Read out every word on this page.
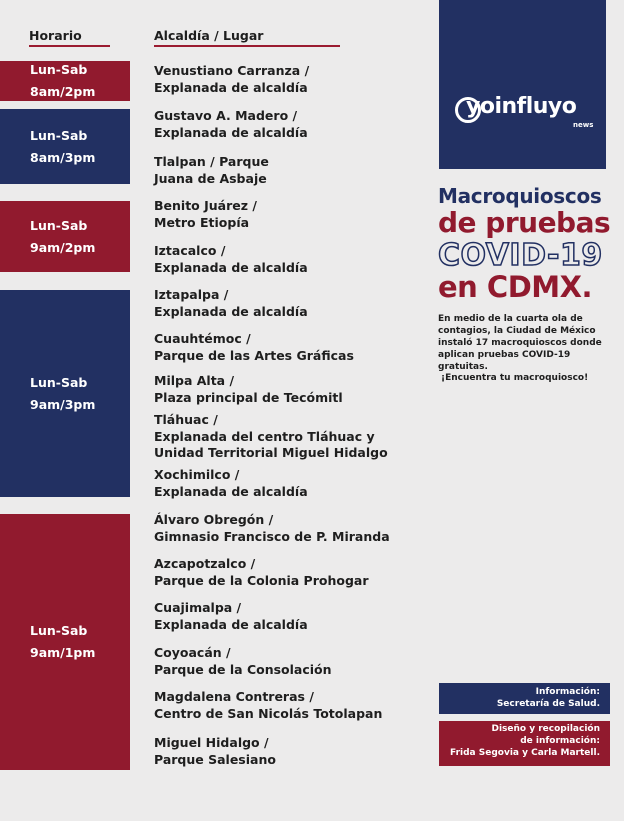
Horario	Alcaldía / Lugar
Lun-Sab
8am/2pm
Lun-Sab
8am/3pm
Lun-Sab
9am/2pm
Lun-Sab
9am/3pm
Lun-Sab
9am/1pm
Venustiano Carranza /
Explanada de alcaldía
Gustavo A. Madero /
Explanada de alcaldía
Tlalpan / Parque
Juana de Asbaje
Benito Juárez /
Metro Etiopía
Iztacalco /
Explanada de alcaldía
Iztapalpa /
Explanada de alcaldía
Cuauhtémoc /
Parque de las Artes Gráficas
Milpa Alta /
Plaza principal de Tecómitl
Tláhuac /
Explanada del centro Tláhuac y
Unidad Territorial Miguel Hidalgo
Xochimilco /
Explanada de alcaldía
Álvaro Obregón /
Gimnasio Francisco de P. Miranda
Azcapotzalco /
Parque de la Colonia Prohogar
Cuajimalpa /
Explanada de alcaldía
Coyoacán /
Parque de la Consolación
Magdalena Contreras /
Centro de San Nicolás Totolapan
Miguel Hidalgo /
Parque Salesiano
yoinfluyo
news
Macroquioscos
de pruebas
COVID-19
en CDMX.
En medio de la cuarta ola de contagios, la Ciudad de México instaló 17 macroquioscos donde aplican pruebas COVID-19 gratuitas.
¡Encuentra tu macroquiosco!
Información:
Secretaría de Salud.
Diseño y recopilación
de información:
Frida Segovia y Carla Martell.
